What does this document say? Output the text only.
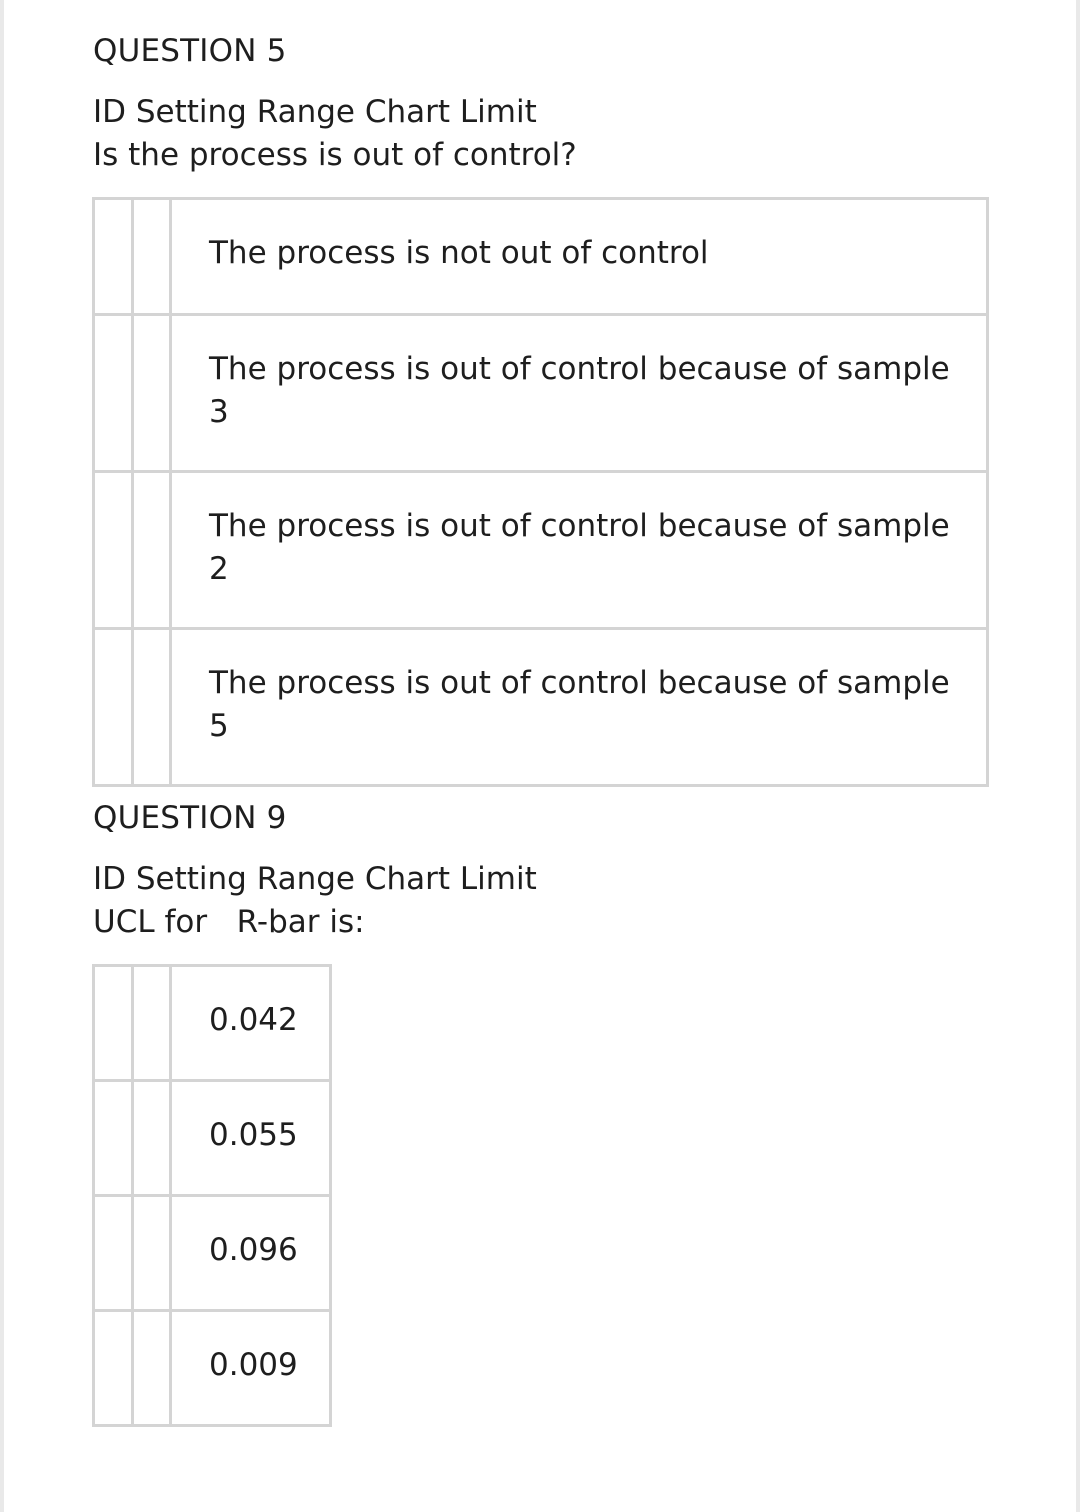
QUESTION 5
ID Setting Range Chart Limit
Is the process is out of control?
The process is not out of control
The process is out of control because of sample 3
The process is out of control because of sample 2
The process is out of control because of sample 5
QUESTION 9
ID Setting Range Chart Limit
UCL for   R-bar is:
0.042
0.055
0.096
0.009
